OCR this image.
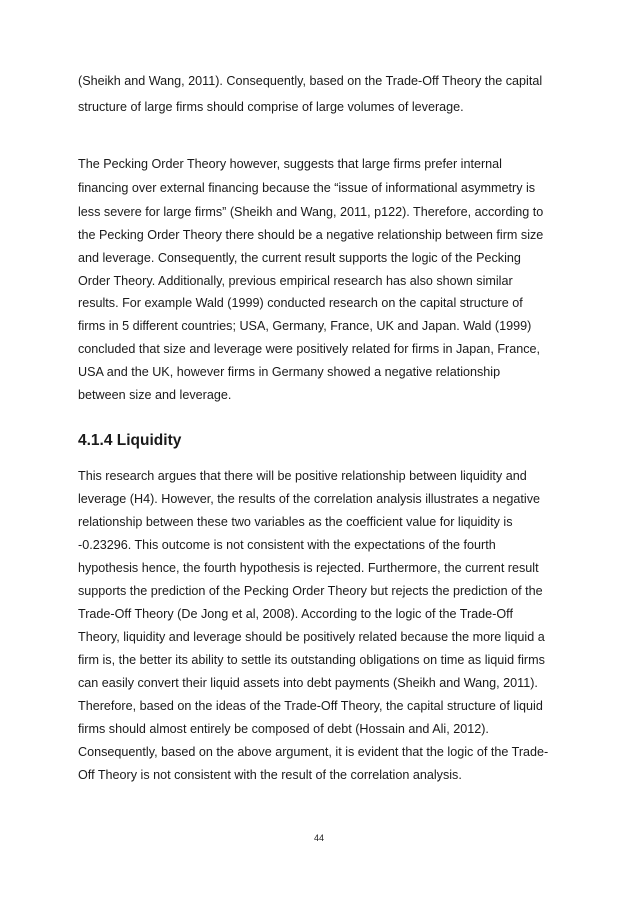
(Sheikh and Wang, 2011). Consequently, based on the Trade-Off Theory the capital
structure of large firms should comprise of large volumes of leverage.
The Pecking Order Theory however, suggests that large firms prefer internal
financing over external financing because the “issue of informational asymmetry is
less severe for large firms” (Sheikh and Wang, 2011, p122). Therefore, according to
the Pecking Order Theory there should be a negative relationship between firm size
and leverage. Consequently, the current result supports the logic of the Pecking
Order Theory. Additionally, previous empirical research has also shown similar
results. For example Wald (1999) conducted research on the capital structure of
firms in 5 different countries; USA, Germany, France, UK and Japan. Wald (1999)
concluded that size and leverage were positively related for firms in Japan, France,
USA and the UK, however firms in Germany showed a negative relationship
between size and leverage.
4.1.4 Liquidity
This research argues that there will be positive relationship between liquidity and
leverage (H4). However, the results of the correlation analysis illustrates a negative
relationship between these two variables as the coefficient value for liquidity is
-0.23296. This outcome is not consistent with the expectations of the fourth
hypothesis hence, the fourth hypothesis is rejected. Furthermore, the current result
supports the prediction of the Pecking Order Theory but rejects the prediction of the
Trade-Off Theory (De Jong et al, 2008). According to the logic of the Trade-Off
Theory, liquidity and leverage should be positively related because the more liquid a
firm is, the better its ability to settle its outstanding obligations on time as liquid firms
can easily convert their liquid assets into debt payments (Sheikh and Wang, 2011).
Therefore, based on the ideas of the Trade-Off Theory, the capital structure of liquid
firms should almost entirely be composed of debt (Hossain and Ali, 2012).
Consequently, based on the above argument, it is evident that the logic of the Trade-
Off Theory is not consistent with the result of the correlation analysis.
44
